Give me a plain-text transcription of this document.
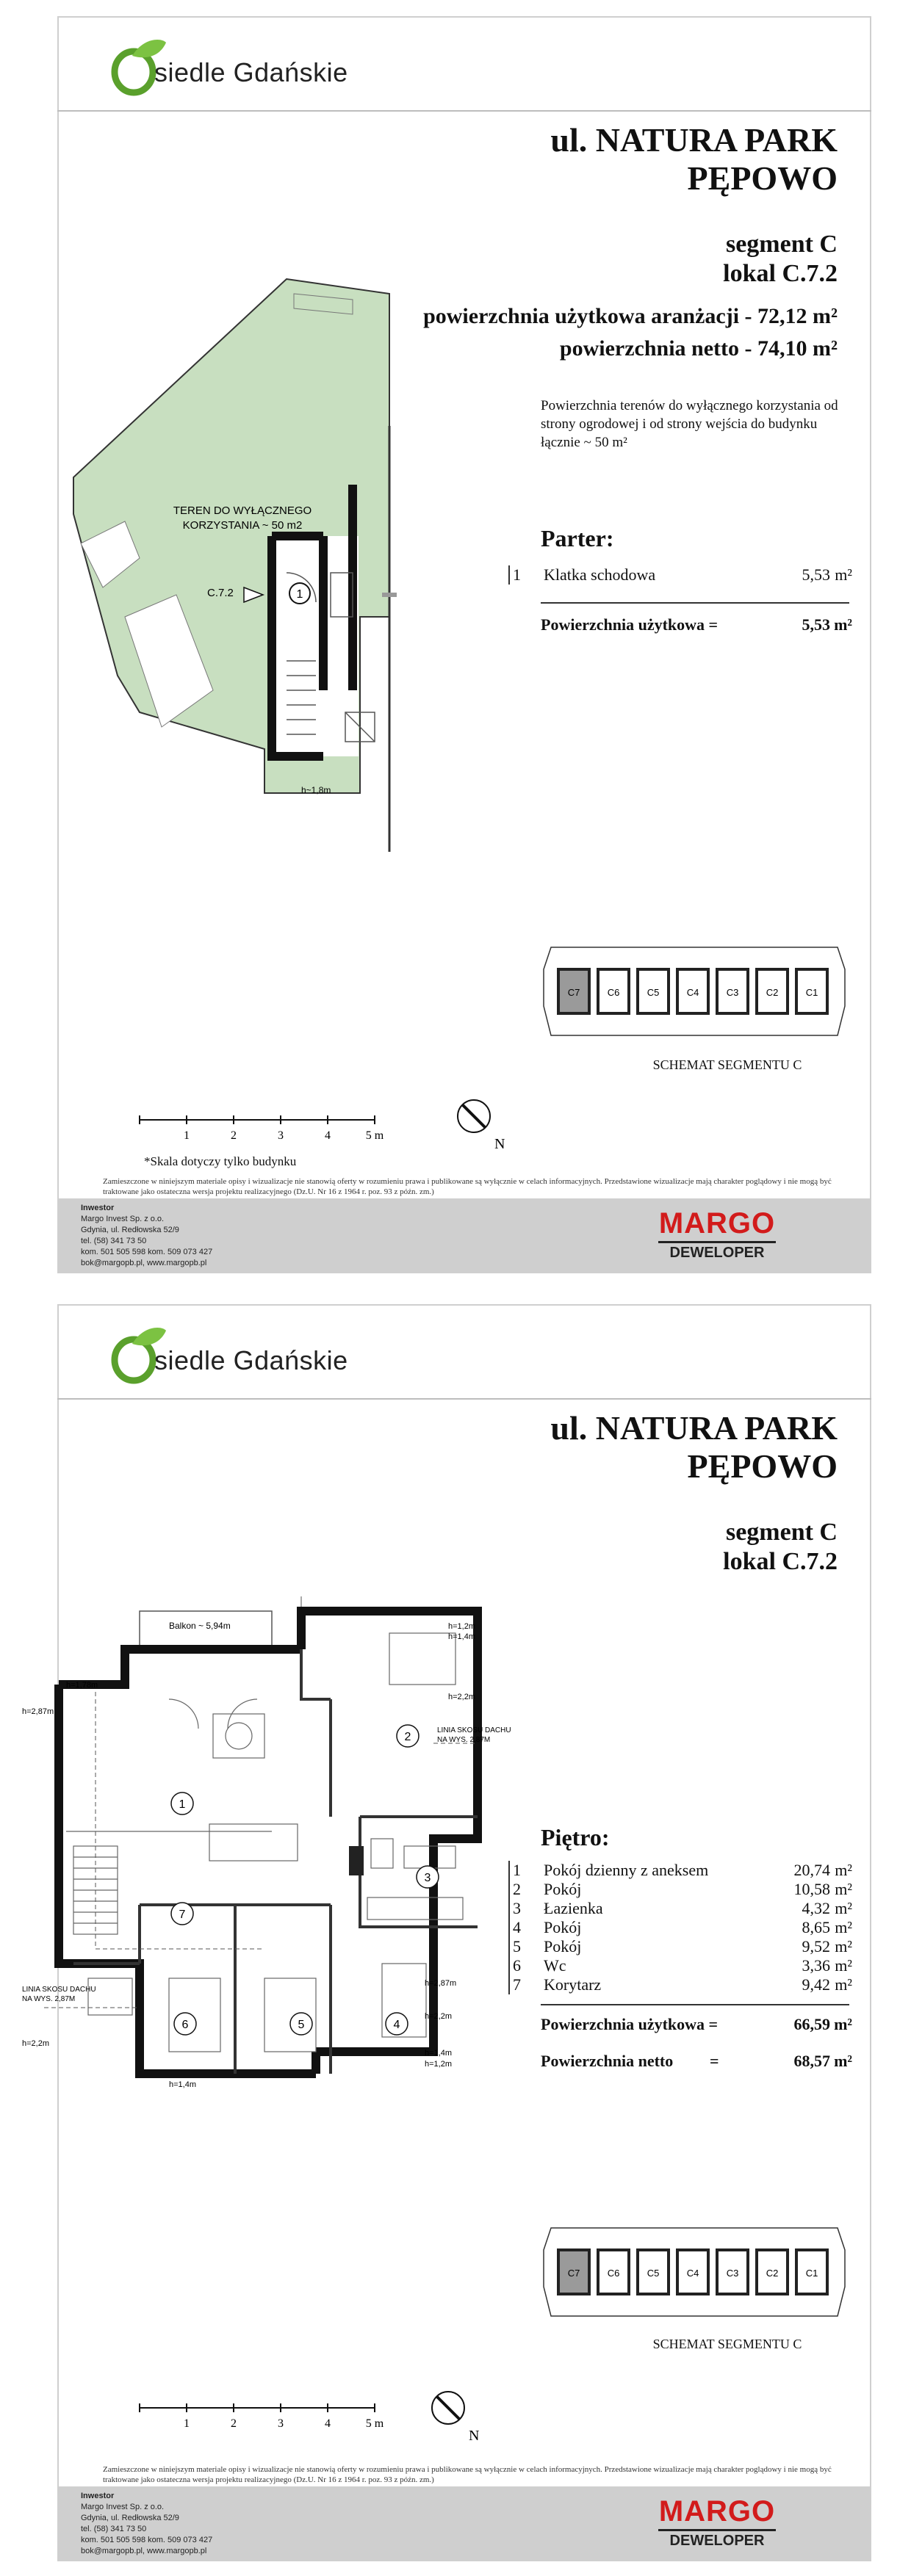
siedle Gdańskie
ul. NATURA PARK
PĘPOWO
segment C
lokal C.7.2
powierzchnia użytkowa aranżacji - 72,12 m²
powierzchnia netto - 74,10 m²
Powierzchnia terenów do wyłącznego korzystania od strony ogrodowej i od strony wejścia do budynku łącznie ~ 50 m²
Parter:
1 Klatka schodowa	5,53 m²
Powierzchnia użytkowa =	5,53 m²
TEREN DO WYŁĄCZNEGO
KORZYSTANIA ~ 50 m2
C.7.2	1
h~1,8m
C7	C6	C5	C4	C3	C2	C1
SCHEMAT SEGMENTU C
1	2	3	4	5 m
*Skala dotyczy tylko budynku
N
Zamieszczone w niniejszym materiale opisy i wizualizacje nie stanowią oferty w rozumieniu prawa i publikowane są wyłącznie w celach informacyjnych. Przedstawione wizualizacje mają charakter poglądowy i nie mogą być traktowane jako ostateczna wersja projektu realizacyjnego (Dz.U. Nr 16 z 1964 r. poz. 93 z późn. zm.)
Inwestor
Margo Invest Sp. z o.o.
Gdynia, ul. Redłowska 52/9
tel. (58) 341 73 50
kom. 501 505 598 kom. 509 073 427
bok@margopb.pl, www.margopb.pl
MARGO
DEWELOPER
siedle Gdańskie
ul. NATURA PARK
PĘPOWO
segment C
lokal C.7.2
Balkon ~ 5,94m	h=1,2m
h=1,4m
h=2,2m
h=1,78m
h=2,87m
LINIA SKOSU DACHU
NA WYS. 2,87M
LINIA SKOSU DACHU
NA WYS. 2,87M
h=2,87m
h=2,2m
h=2,2m
h=1,4m
h=1,2m
h=1,4m
1
2
3
4
5
6
7
Piętro:
1 Pokój dzienny z aneksem	20,74 m²
2 Pokój	10,58 m²
3 Łazienka	4,32 m²
4 Pokój	8,65 m²
5 Pokój	9,52 m²
6 Wc	3,36 m²
7 Korytarz	9,42 m²
Powierzchnia użytkowa =	66,59 m²
Powierzchnia netto =	68,57 m²
C7	C6	C5	C4	C3	C2	C1
SCHEMAT SEGMENTU C
1	2	3	4	5 m
N
Zamieszczone w niniejszym materiale opisy i wizualizacje nie stanowią oferty w rozumieniu prawa i publikowane są wyłącznie w celach informacyjnych. Przedstawione wizualizacje mają charakter poglądowy i nie mogą być traktowane jako ostateczna wersja projektu realizacyjnego (Dz.U. Nr 16 z 1964 r. poz. 93 z późn. zm.)
Inwestor
Margo Invest Sp. z o.o.
Gdynia, ul. Redłowska 52/9
tel. (58) 341 73 50
kom. 501 505 598 kom. 509 073 427
bok@margopb.pl, www.margopb.pl
MARGO
DEWELOPER
